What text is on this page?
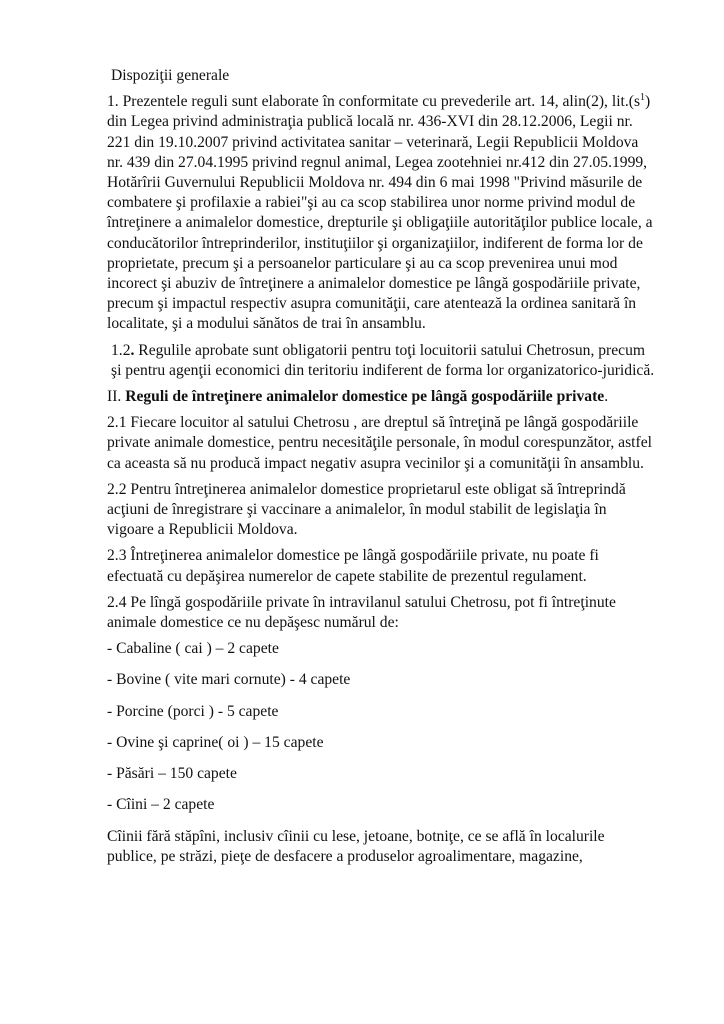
Dispoziţii generale

1. Prezentele reguli sunt elaborate în conformitate cu prevederile art. 14, alin(2), $lit.(s^1)$ din Legea privind administraţia publică locală nr. 436-XVI din 28.12.2006, Legii nr. 221 din 19.10.2007 privind activitatea sanitar – veterinară, Legii Republicii Moldova nr. 439 din 27.04.1995 privind regnul animal, Legea zootehniei nr.412 din 27.05.1999, Hotărîrii Guvernului Republicii Moldova nr. 494 din 6 mai 1998 "Privind măsurile de combatere şi profilaxie a rabiei"şi au ca scop stabilirea unor norme privind modul de întreţinere a animalelor domestice, drepturile şi obligaţiile autorităţilor publice locale, a conducătorilor întreprinderilor, instituţiilor şi organizaţiilor, indiferent de forma lor de proprietate, precum şi a persoanelor particulare şi au ca scop prevenirea unui mod incorect şi abuziv de întreţinere a animalelor domestice pe lângă gospodăriile private, precum şi impactul respectiv asupra comunităţii, care atentează la ordinea sanitară în localitate, şi a modului sănătos de trai în ansamblu.

1.2. Regulile aprobate sunt obligatorii pentru toţi locuitorii satului Chetrosun, precum şi pentru agenţii economici din teritoriu indiferent de forma lor organizatorico-juridică.

II. Reguli de întreţinere animalelor domestice pe lângă gospodăriile private.

2.1 Fiecare locuitor al satului Chetrosu , are dreptul să întreţină pe lângă gospodăriile private animale domestice, pentru necesităţile personale, în modul corespunzător, astfel ca aceasta să nu producă impact negativ asupra vecinilor şi a comunităţii în ansamblu.

2.2 Pentru întreţinerea animalelor domestice proprietarul este obligat să întreprindă acţiuni de înregistrare şi vaccinare a animalelor, în modul stabilit de legislaţia în vigoare a Republicii Moldova.

2.3 Întreţinerea animalelor domestice pe lângă gospodăriile private, nu poate fi efectuată cu depăşirea numerelor de capete stabilite de prezentul regulament.

2.4 Pe lîngă gospodăriile private în intravilanul satului Chetrosu, pot fi întreţinute animale domestice ce nu depăşesc numărul de:

- Cabaline ( cai ) – 2 capete

- Bovine ( vite mari cornute) - 4 capete

- Porcine (porci ) - 5 capete

- Ovine şi caprine( oi ) – 15 capete

- Păsări – 150 capete

- Cîini – 2 capete

Cîinii fără stăpîni, inclusiv cîinii cu lese, jetoane, botniţe, ce se află în localurile publice, pe străzi, pieţe de desfacere a produselor agroalimentare, magazine,
